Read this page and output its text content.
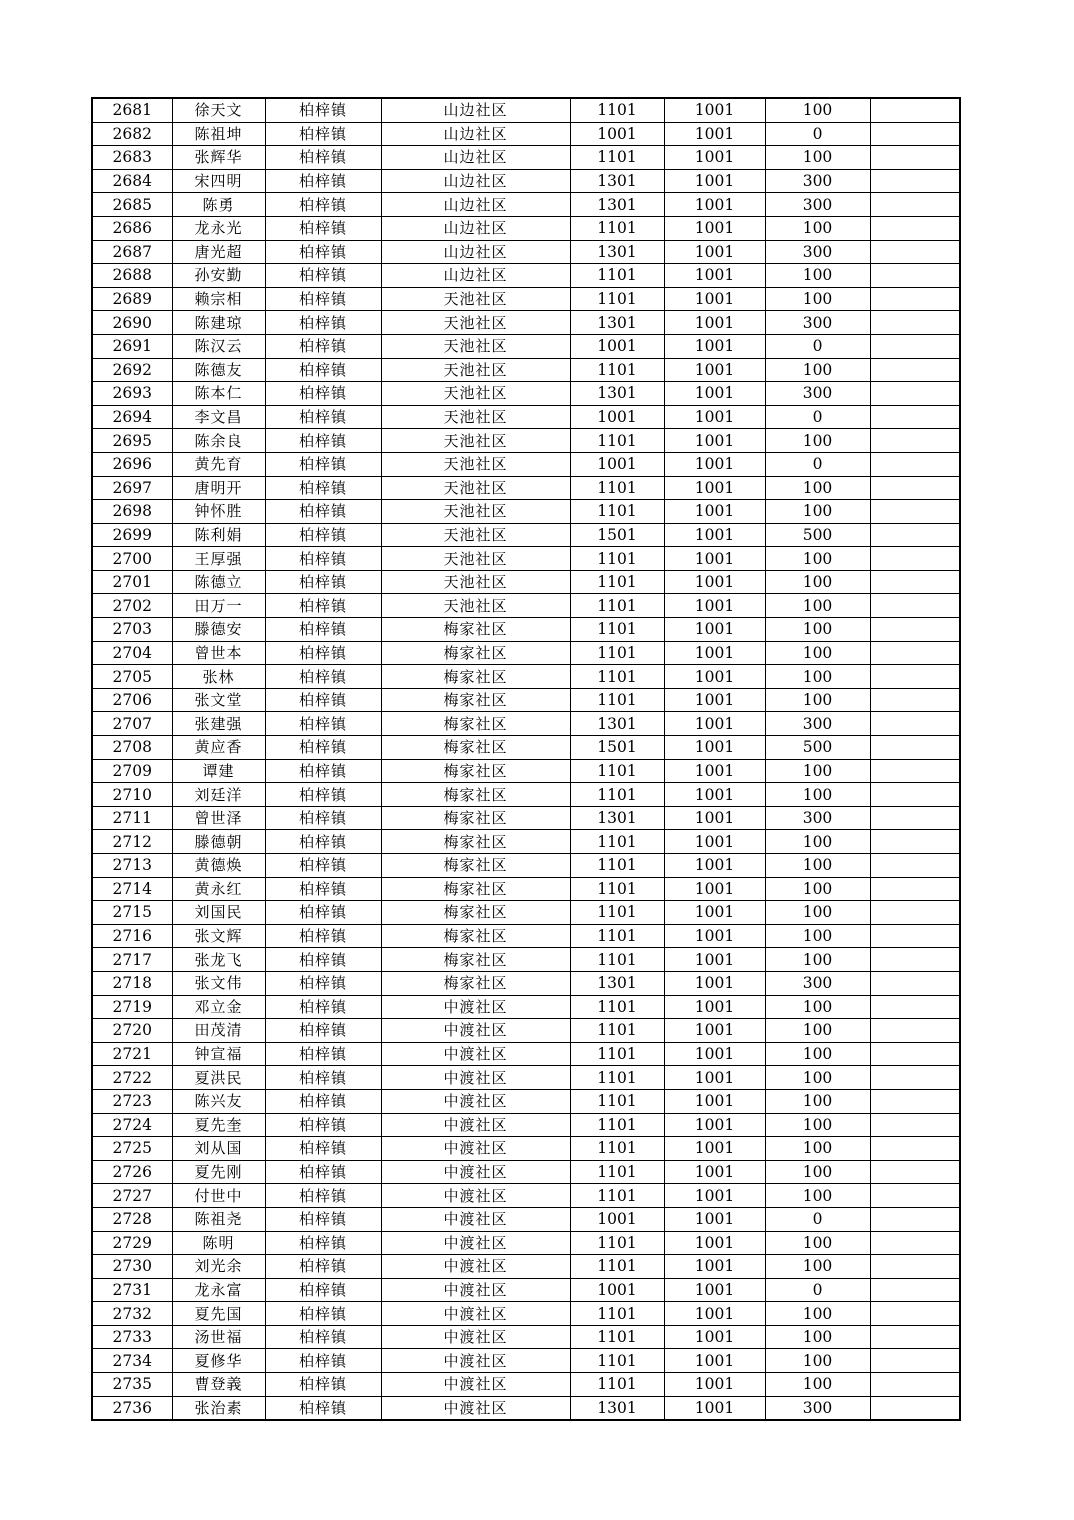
2681	徐天文	柏梓镇	山边社区	1101	1001	100	
2682	陈祖坤	柏梓镇	山边社区	1001	1001	0	
2683	张辉华	柏梓镇	山边社区	1101	1001	100	
2684	宋四明	柏梓镇	山边社区	1301	1001	300	
2685	陈勇	柏梓镇	山边社区	1301	1001	300	
2686	龙永光	柏梓镇	山边社区	1101	1001	100	
2687	唐光超	柏梓镇	山边社区	1301	1001	300	
2688	孙安勤	柏梓镇	山边社区	1101	1001	100	
2689	赖宗相	柏梓镇	天池社区	1101	1001	100	
2690	陈建琼	柏梓镇	天池社区	1301	1001	300	
2691	陈汉云	柏梓镇	天池社区	1001	1001	0	
2692	陈德友	柏梓镇	天池社区	1101	1001	100	
2693	陈本仁	柏梓镇	天池社区	1301	1001	300	
2694	李文昌	柏梓镇	天池社区	1001	1001	0	
2695	陈余良	柏梓镇	天池社区	1101	1001	100	
2696	黄先育	柏梓镇	天池社区	1001	1001	0	
2697	唐明开	柏梓镇	天池社区	1101	1001	100	
2698	钟怀胜	柏梓镇	天池社区	1101	1001	100	
2699	陈利娟	柏梓镇	天池社区	1501	1001	500	
2700	王厚强	柏梓镇	天池社区	1101	1001	100	
2701	陈德立	柏梓镇	天池社区	1101	1001	100	
2702	田万一	柏梓镇	天池社区	1101	1001	100	
2703	滕德安	柏梓镇	梅家社区	1101	1001	100	
2704	曾世本	柏梓镇	梅家社区	1101	1001	100	
2705	张林	柏梓镇	梅家社区	1101	1001	100	
2706	张文堂	柏梓镇	梅家社区	1101	1001	100	
2707	张建强	柏梓镇	梅家社区	1301	1001	300	
2708	黄应香	柏梓镇	梅家社区	1501	1001	500	
2709	谭建	柏梓镇	梅家社区	1101	1001	100	
2710	刘廷洋	柏梓镇	梅家社区	1101	1001	100	
2711	曾世泽	柏梓镇	梅家社区	1301	1001	300	
2712	滕德朝	柏梓镇	梅家社区	1101	1001	100	
2713	黄德焕	柏梓镇	梅家社区	1101	1001	100	
2714	黄永红	柏梓镇	梅家社区	1101	1001	100	
2715	刘国民	柏梓镇	梅家社区	1101	1001	100	
2716	张文辉	柏梓镇	梅家社区	1101	1001	100	
2717	张龙飞	柏梓镇	梅家社区	1101	1001	100	
2718	张文伟	柏梓镇	梅家社区	1301	1001	300	
2719	邓立金	柏梓镇	中渡社区	1101	1001	100	
2720	田茂清	柏梓镇	中渡社区	1101	1001	100	
2721	钟宣福	柏梓镇	中渡社区	1101	1001	100	
2722	夏洪民	柏梓镇	中渡社区	1101	1001	100	
2723	陈兴友	柏梓镇	中渡社区	1101	1001	100	
2724	夏先奎	柏梓镇	中渡社区	1101	1001	100	
2725	刘从国	柏梓镇	中渡社区	1101	1001	100	
2726	夏先刚	柏梓镇	中渡社区	1101	1001	100	
2727	付世中	柏梓镇	中渡社区	1101	1001	100	
2728	陈祖尧	柏梓镇	中渡社区	1001	1001	0	
2729	陈明	柏梓镇	中渡社区	1101	1001	100	
2730	刘光余	柏梓镇	中渡社区	1101	1001	100	
2731	龙永富	柏梓镇	中渡社区	1001	1001	0	
2732	夏先国	柏梓镇	中渡社区	1101	1001	100	
2733	汤世福	柏梓镇	中渡社区	1101	1001	100	
2734	夏修华	柏梓镇	中渡社区	1101	1001	100	
2735	曹登義	柏梓镇	中渡社区	1101	1001	100	
2736	张治素	柏梓镇	中渡社区	1301	1001	300	
